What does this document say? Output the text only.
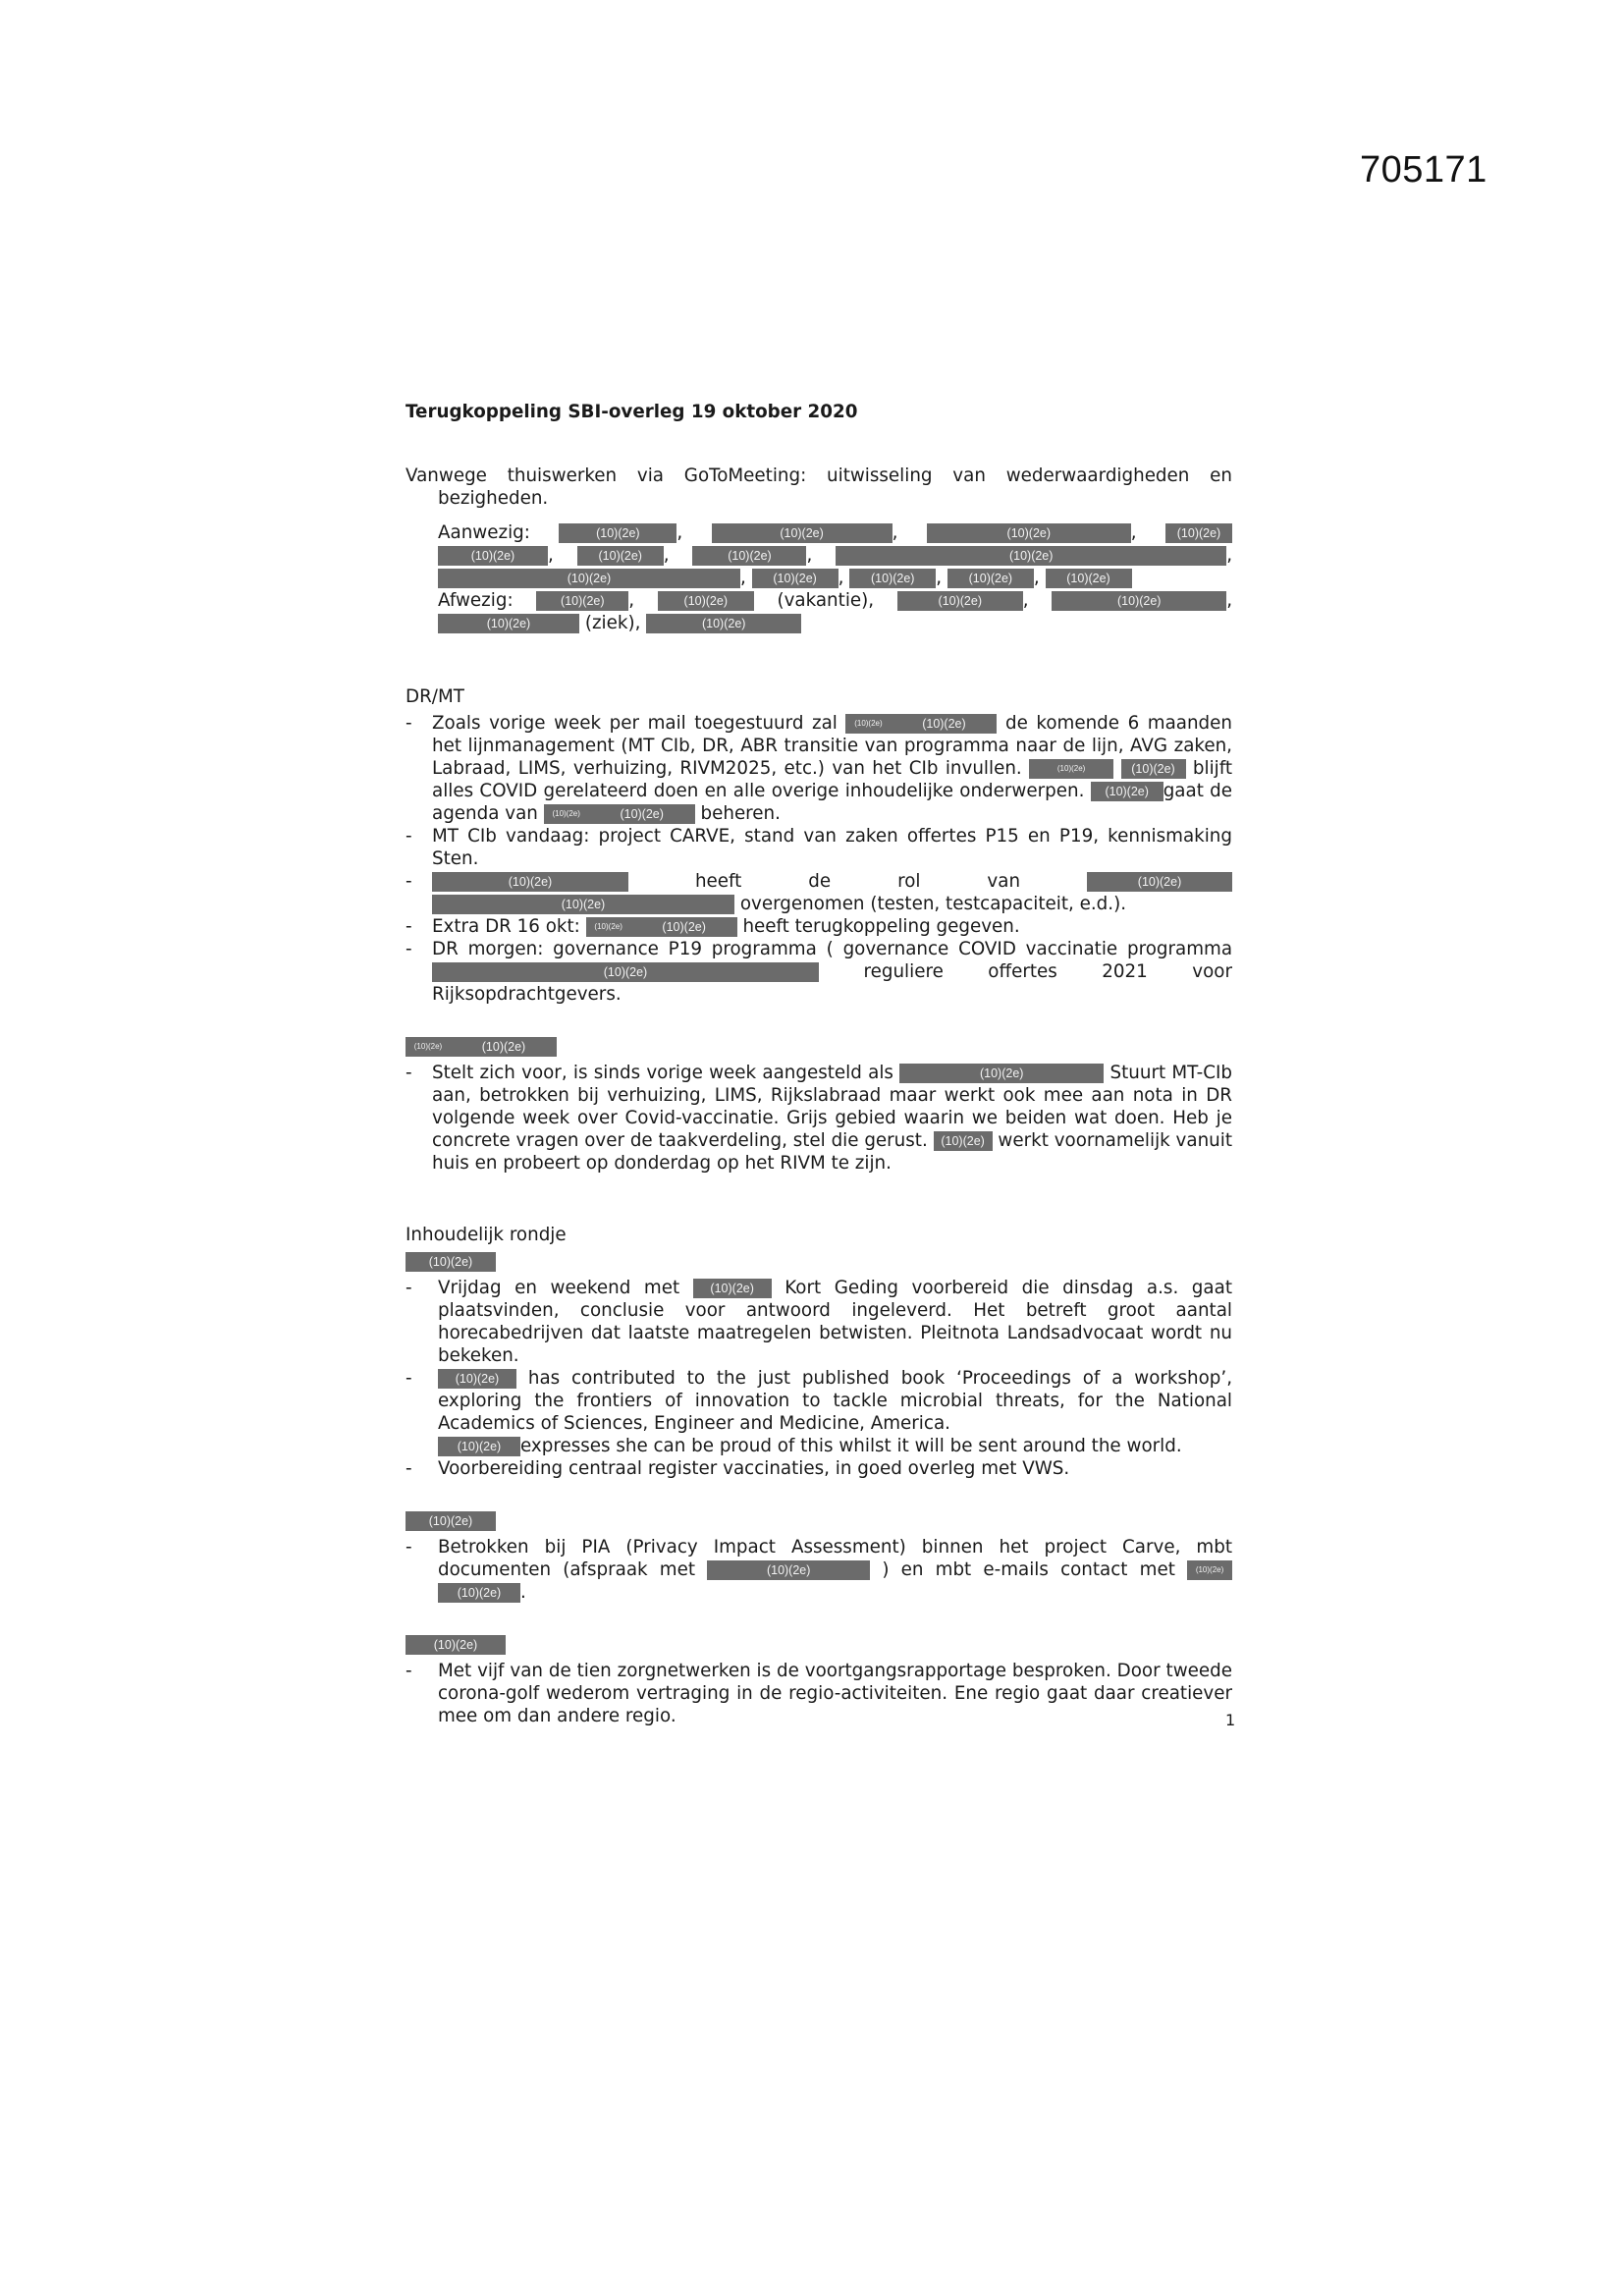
705171

Terugkoppeling SBI-overleg 19 oktober 2020

Vanwege thuiswerken via GoToMeeting: uitwisseling van wederwaardigheden en bezigheden.

Aanwezig:	(10)(2e) ,	(10)(2e)	,	(10)(2e)	, (10)(2e) (10)(2e) , (10)(2e) ,	(10)(2e) ,	(10)(2e)	, (10)(2e)	, (10)(2e) , (10)(2e) , (10)(2e) , (10)(2e)
Afwezig:	(10)(2e) , (10)(2e)	(vakantie),	(10)(2e) ,	(10)(2e)	, (10)(2e)	(ziek),	(10)(2e)
DR/MT
- Zoals vorige week per mail toegestuurd zal (10)(2e)	(10)(2e) de komende 6 maanden het lijnmanagement (MT CIb, DR, ABR transitie van programma naar de lijn, AVG zaken, Labraad, LIMS, verhuizing, RIVM2025, etc.) van het CIb invullen.	(10)(2e)	(10)(2e) blijft alles COVID gerelateerd doen en alle overige inhoudelijke onderwerpen. (10)(2e) gaat de agenda van (10)(2e)	(10)(2e) beheren.
- MT CIb vandaag: project CARVE, stand van zaken offertes P15 en P19, kennismaking Sten.
- (10)(2e)	heeft de rol van	(10)(2e) (10)(2e)	overgenomen (testen, testcapaciteit, e.d.).
- Extra DR 16 okt: (10)(2e)	(10)(2e) heeft terugkoppeling gegeven.
- DR morgen: governance P19 programma ( governance COVID vaccinatie programma (10)(2e)	reguliere offertes 2021 voor Rijksopdrachtgevers.
(10)(2e)	(10)(2e)
- Stelt zich voor, is sinds vorige week aangesteld als	(10)(2e)	Stuurt MT-CIb aan, betrokken bij verhuizing, LIMS, Rijkslabraad maar werkt ook mee aan nota in DR volgende week over Covid-vaccinatie. Grijs gebied waarin we beiden wat doen. Heb je concrete vragen over de taakverdeling, stel die gerust. (10)(2e) werkt voornamelijk vanuit huis en probeert op donderdag op het RIVM te zijn.
Inhoudelijk rondje
(10)(2e)
- Vrijdag en weekend met	(10)(2e) Kort Geding voorbereid die dinsdag a.s. gaat plaatsvinden, conclusie voor antwoord ingeleverd. Het betreft groot aantal horecabedrijven dat laatste maatregelen betwisten. Pleitnota Landsadvocaat wordt nu bekeken.
- (10)(2e) has contributed to the just published book ‘Proceedings of a workshop’, exploring the frontiers of innovation to tackle microbial threats, for the National Academics of Sciences, Engineer and Medicine, America.
(10)(2e) expresses she can be proud of this whilst it will be sent around the world.
- Voorbereiding centraal register vaccinaties, in goed overleg met VWS.
(10)(2e)
- Betrokken bij PIA (Privacy Impact Assessment) binnen het project Carve, mbt documenten (afspraak met	(10)(2e)	) en mbt e-mails contact met	(10)(2e) (10)(2e) .
(10)(2e)
- Met vijf van de tien zorgnetwerken is de voortgangsrapportage besproken. Door tweede corona-golf wederom vertraging in de regio-activiteiten. Ene regio gaat daar creatiever mee om dan andere regio.	1
